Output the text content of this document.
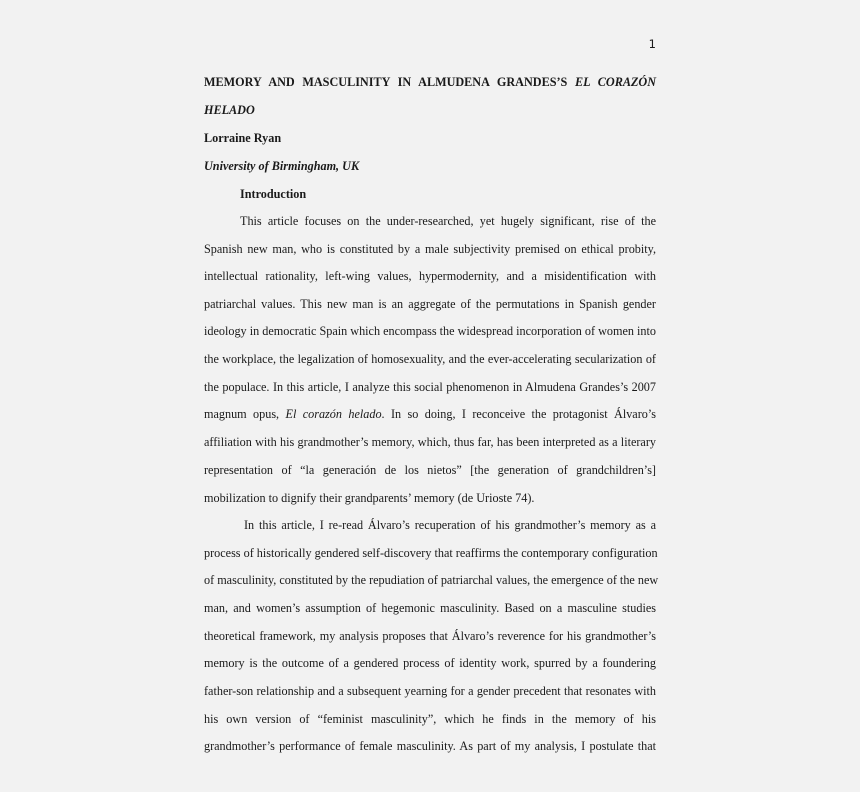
1
MEMORY AND MASCULINITY IN ALMUDENA GRANDES’S EL CORAZÓN
HELADO
Lorraine Ryan
University of Birmingham, UK
Introduction
This article focuses on the under-researched, yet hugely significant, rise of the
Spanish new man, who is constituted by a male subjectivity premised on ethical probity,
intellectual rationality, left-wing values, hypermodernity, and a misidentification with
patriarchal values. This new man is an aggregate of the permutations in Spanish gender
ideology in democratic Spain which encompass the widespread incorporation of women into
the workplace, the legalization of homosexuality, and the ever-accelerating secularization of
the populace. In this article, I analyze this social phenomenon in Almudena Grandes’s 2007
magnum opus, El corazón helado. In so doing, I reconceive the protagonist Álvaro’s
affiliation with his grandmother’s memory, which, thus far, has been interpreted as a literary
representation of “la generación de los nietos” [the generation of grandchildren’s]
mobilization to dignify their grandparents’ memory (de Urioste 74).
In this article, I re-read Álvaro’s recuperation of his grandmother’s memory as a
process of historically gendered self-discovery that reaffirms the contemporary configuration
of masculinity, constituted by the repudiation of patriarchal values, the emergence of the new
man, and women’s assumption of hegemonic masculinity. Based on a masculine studies
theoretical framework, my analysis proposes that Álvaro’s reverence for his grandmother’s
memory is the outcome of a gendered process of identity work, spurred by a foundering
father-son relationship and a subsequent yearning for a gender precedent that resonates with
his own version of “feminist masculinity”, which he finds in the memory of his
grandmother’s performance of female masculinity. As part of my analysis, I postulate that
